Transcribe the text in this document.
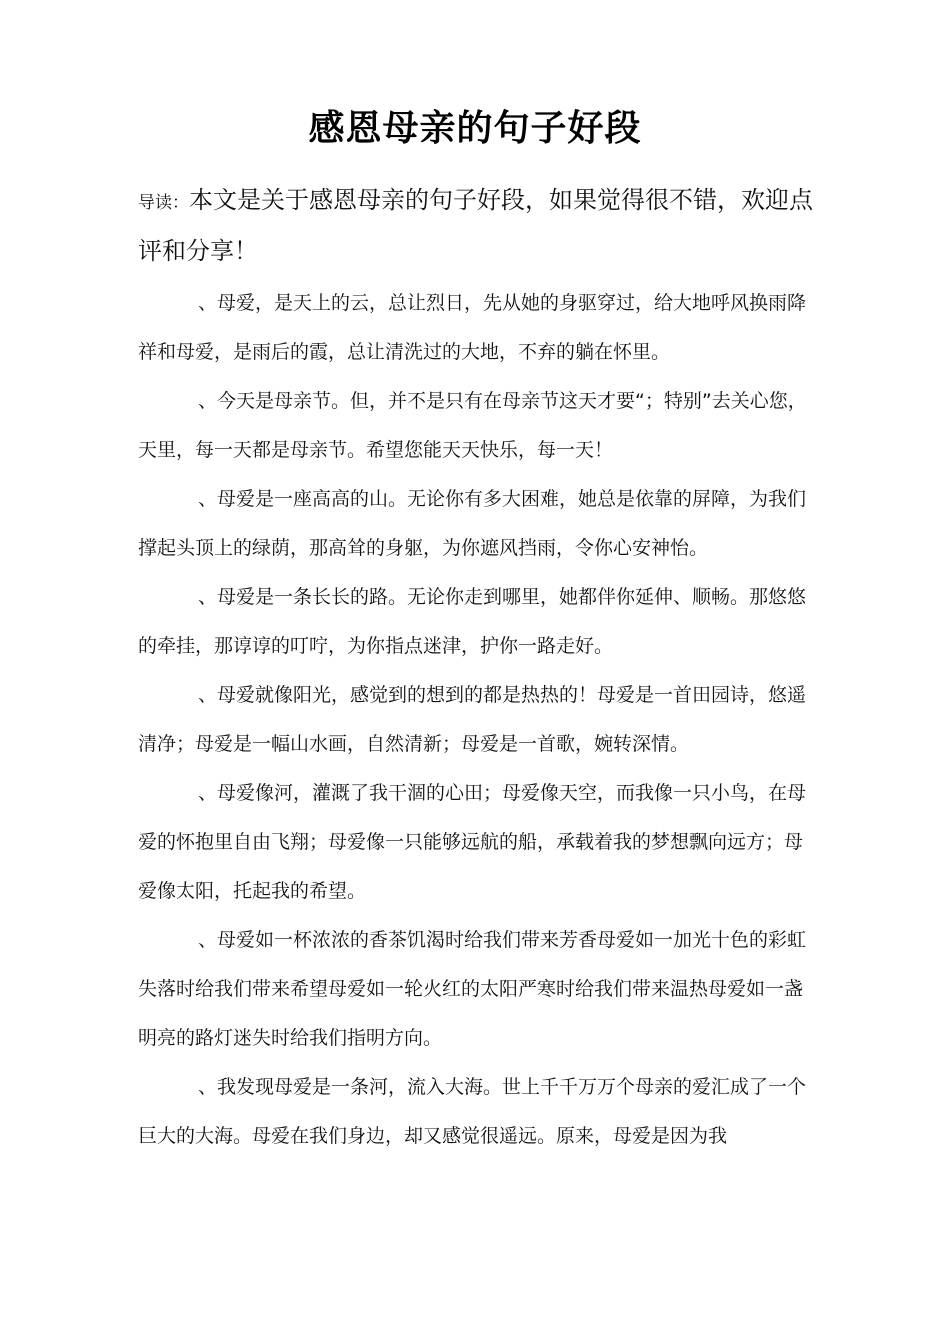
感恩母亲的句子好段
导读：本文是关于感恩母亲的句子好段，如果觉得很不错，欢迎点评和分享！

、母爱，是天上的云，总让烈日，先从她的身驱穿过，给大地呼风换雨降祥和母爱，是雨后的霞，总让清洗过的大地，不弃的躺在怀里。

、今天是母亲节。但，并不是只有在母亲节这天才要“；特别”去关心您，天里，每一天都是母亲节。希望您能天天快乐，每一天！

、母爱是一座高高的山。无论你有多大困难，她总是依靠的屏障，为我们撑起头顶上的绿荫，那高耸的身躯，为你遮风挡雨，令你心安神怡。

、母爱是一条长长的路。无论你走到哪里，她都伴你延伸、顺畅。那悠悠的牵挂，那谆谆的叮咛，为你指点迷津，护你一路走好。

、母爱就像阳光，感觉到的想到的都是热热的！母爱是一首田园诗，悠遥清净；母爱是一幅山水画，自然清新；母爱是一首歌，婉转深情。

、母爱像河，灌溉了我干涸的心田；母爱像天空，而我像一只小鸟，在母爱的怀抱里自由飞翔；母爱像一只能够远航的船，承载着我的梦想飘向远方；母爱像太阳，托起我的希望。

、母爱如一杯浓浓的香茶饥渴时给我们带来芳香母爱如一加光十色的彩虹失落时给我们带来希望母爱如一轮火红的太阳严寒时给我们带来温热母爱如一盏明亮的路灯迷失时给我们指明方向。

、我发现母爱是一条河，流入大海。世上千千万万个母亲的爱汇成了一个巨大的大海。母爱在我们身边，却又感觉很遥远。原来，母爱是因为我
